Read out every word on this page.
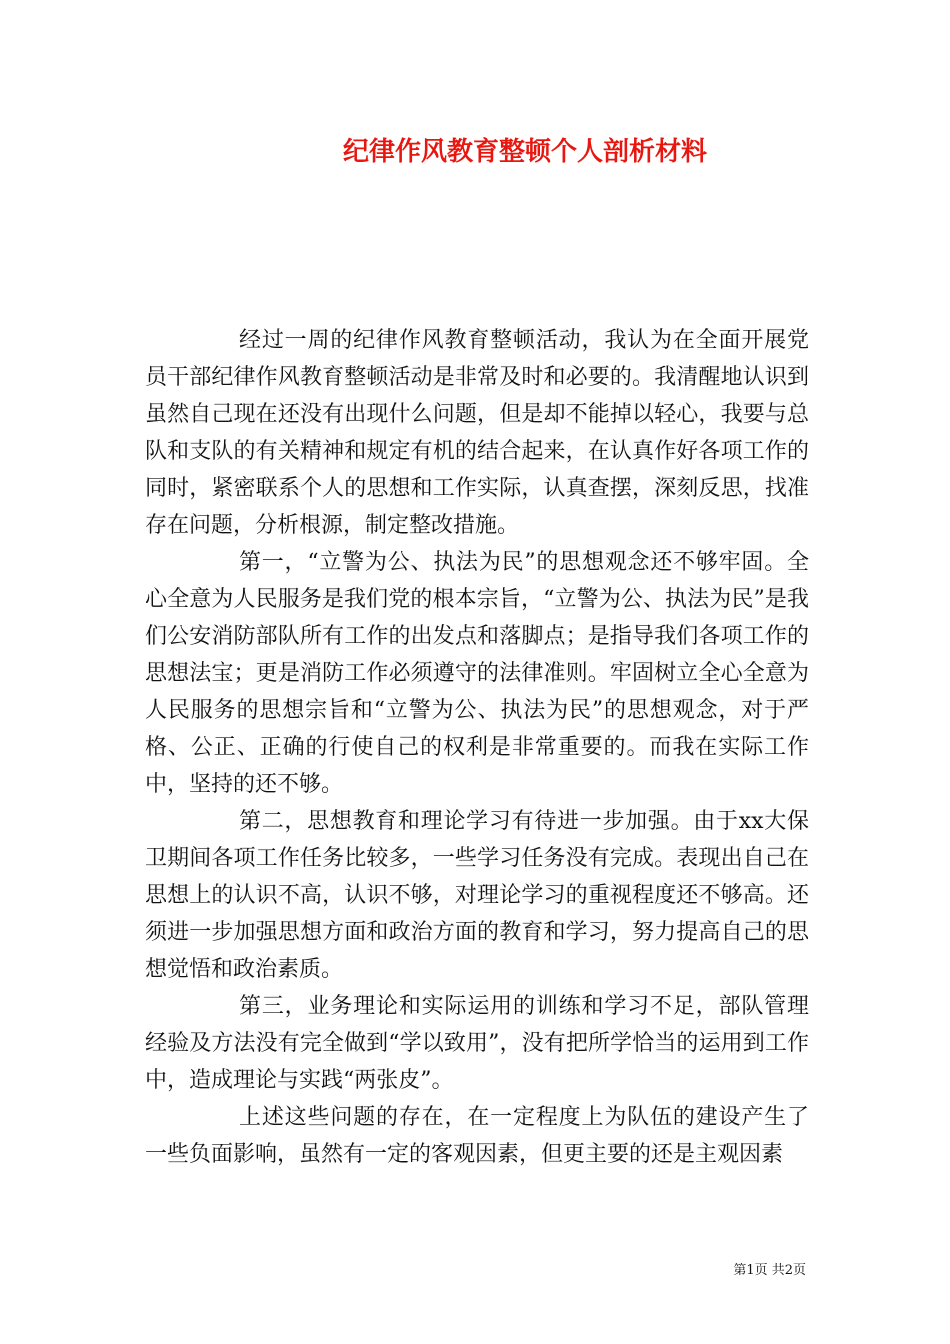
纪律作风教育整顿个人剖析材料

经过一周的纪律作风教育整顿活动，我认为在全面开展党员干部纪律作风教育整顿活动是非常及时和必要的。我清醒地认识到虽然自己现在还没有出现什么问题，但是却不能掉以轻心，我要与总队和支队的有关精神和规定有机的结合起来，在认真作好各项工作的同时，紧密联系个人的思想和工作实际，认真查摆，深刻反思，找准存在问题，分析根源，制定整改措施。

第一，“立警为公、执法为民”的思想观念还不够牢固。全心全意为人民服务是我们党的根本宗旨，“立警为公、执法为民”是我们公安消防部队所有工作的出发点和落脚点；是指导我们各项工作的思想法宝；更是消防工作必须遵守的法律准则。牢固树立全心全意为人民服务的思想宗旨和“立警为公、执法为民”的思想观念，对于严格、公正、正确的行使自己的权利是非常重要的。而我在实际工作中，坚持的还不够。

第二，思想教育和理论学习有待进一步加强。由于xx大保卫期间各项工作任务比较多，一些学习任务没有完成。表现出自己在思想上的认识不高，认识不够，对理论学习的重视程度还不够高。还须进一步加强思想方面和政治方面的教育和学习，努力提高自己的思想觉悟和政治素质。

第三，业务理论和实际运用的训练和学习不足，部队管理经验及方法没有完全做到“学以致用”，没有把所学恰当的运用到工作中，造成理论与实践“两张皮”。

上述这些问题的存在，在一定程度上为队伍的建设产生了一些负面影响，虽然有一定的客观因素，但更主要的还是主观因素

第1页 共2页
